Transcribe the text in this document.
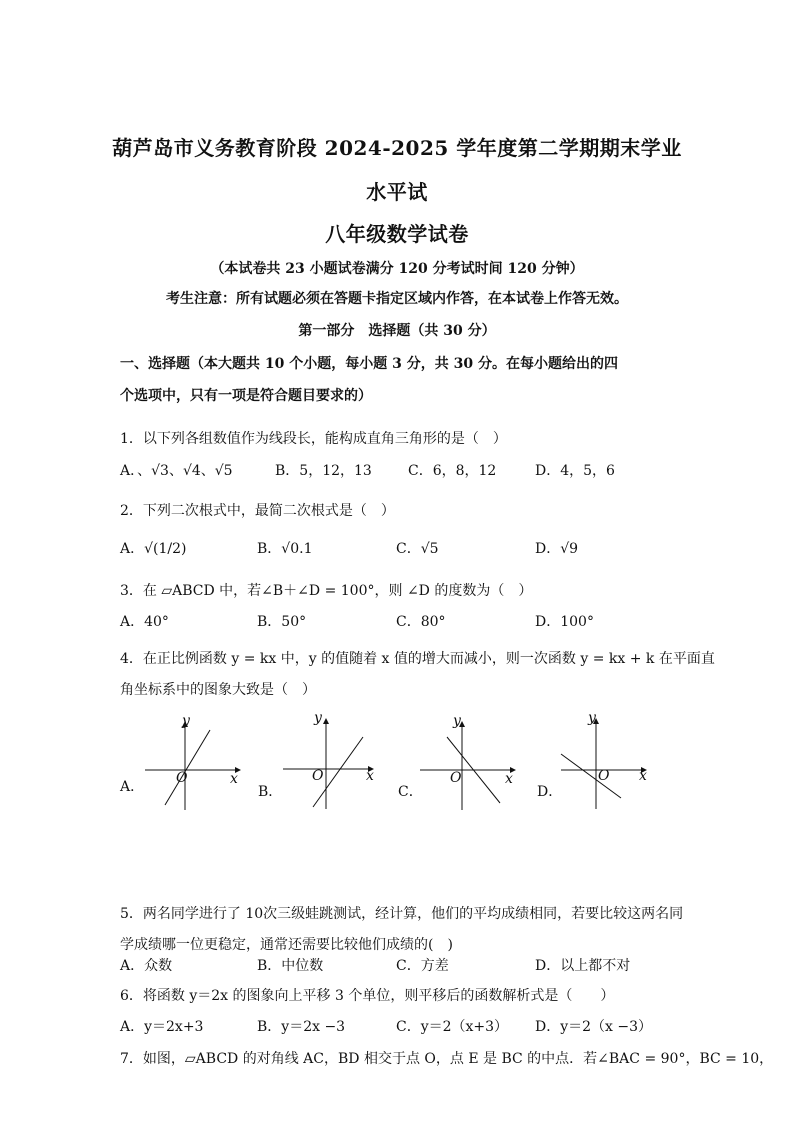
葫芦岛市义务教育阶段 2024-2025 学年度第二学期期末学业
水平试
八年级数学试卷
（本试卷共 23 小题试卷满分 120 分考试时间 120 分钟）
考生注意：所有试题必须在答题卡指定区域内作答，在本试卷上作答无效。
第一部分　选择题（共 30 分）
一、选择题（本大题共 10 个小题，每小题 3 分，共 30 分。在每小题给出的四
个选项中，只有一项是符合题目要求的）
1．以下列各组数值作为线段长，能构成直角三角形的是（　）
A．、√3、√4、√5	B．5，12，13	C．6，8，12	D．4，5，6
2．下列二次根式中，最简二次根式是（　）
A．√(1/2)	B．√0.1	C．√5	D．√9
3．在 ▱ABCD 中，若∠B＋∠D = 100°，则 ∠D 的度数为（　）
A．40°	B．50°	C．80°	D．100°
4．在正比例函数 y = kx 中，y 的值随着 x 值的增大而减小，则一次函数 y = kx + k 在平面直
角坐标系中的图象大致是（　）
A．
y
x
O
B．
y
x
O
C．
y
x
O
D．
y
x
O
5．两名同学进行了 10次三级蛙跳测试，经计算，他们的平均成绩相同，若要比较这两名同
学成绩哪一位更稳定，通常还需要比较他们成绩的(　)
A．众数	B．中位数	C．方差	D．以上都不对
6．将函数 y＝2x 的图象向上平移 3 个单位，则平移后的函数解析式是（　　）
A．y＝2x+3	B．y＝2x −3	C．y＝2（x+3） D．y＝2（x −3）
7．如图，▱ABCD 的对角线 AC，BD 相交于点 O，点 E 是 BC 的中点．若∠BAC = 90°，BC = 10，
